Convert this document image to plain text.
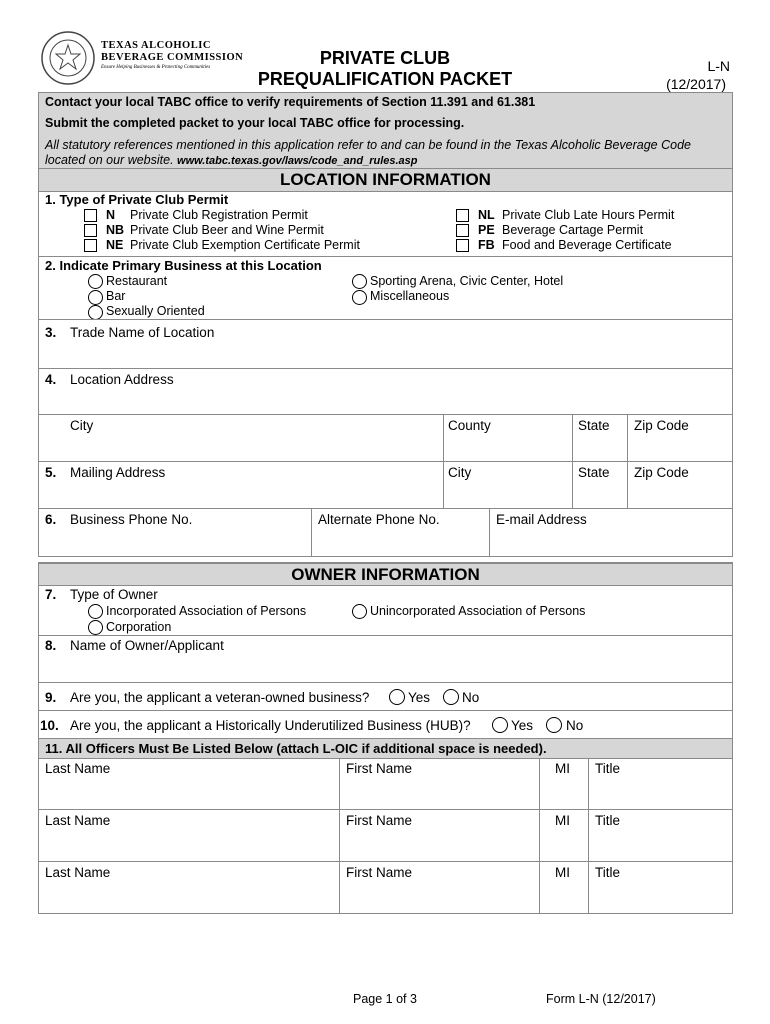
TEXAS ALCOHOLIC
BEVERAGE COMMISSION
Ensure Helping Businesses & Protecting Communities	PRIVATE CLUB
PREQUALIFICATION PACKET
L-N
(12/2017)
Contact your local TABC office to verify requirements of Section 11.391 and 61.381
Submit the completed packet to your local TABC office for processing.
All statutory references mentioned in this application refer to and can be found in the Texas Alcoholic Beverage Code
located on our website. www.tabc.texas.gov/laws/code_and_rules.asp
LOCATION INFORMATION
1. Type of Private Club Permit
N Private Club Registration Permit
NB Private Club Beer and Wine Permit
NE Private Club Exemption Certificate Permit
NL Private Club Late Hours Permit
PE Beverage Cartage Permit
FB Food and Beverage Certificate
2. Indicate Primary Business at this Location
Restaurant
Bar
Sexually Oriented
Sporting Arena, Civic Center, Hotel
Miscellaneous
3. Trade Name of Location
4. Location Address
City	County	State Zip Code
5. Mailing Address	City	State Zip Code
6. Business Phone No.	Alternate Phone No.	E-mail Address
OWNER INFORMATION
7. Type of Owner
Incorporated Association of Persons	Unincorporated Association of Persons
Corporation
8. Name of Owner/Applicant
9. Are you, the applicant a veteran-owned business?	Yes No
10. Are you, the applicant a Historically Underutilized Business (HUB)?	Yes No
11. All Officers Must Be Listed Below (attach L-OIC if additional space is needed).
Last Name	First Name	MI Title
Last Name	First Name	MI Title
Last Name	First Name	MI Title
Page 1 of 3	Form L-N (12/2017)
